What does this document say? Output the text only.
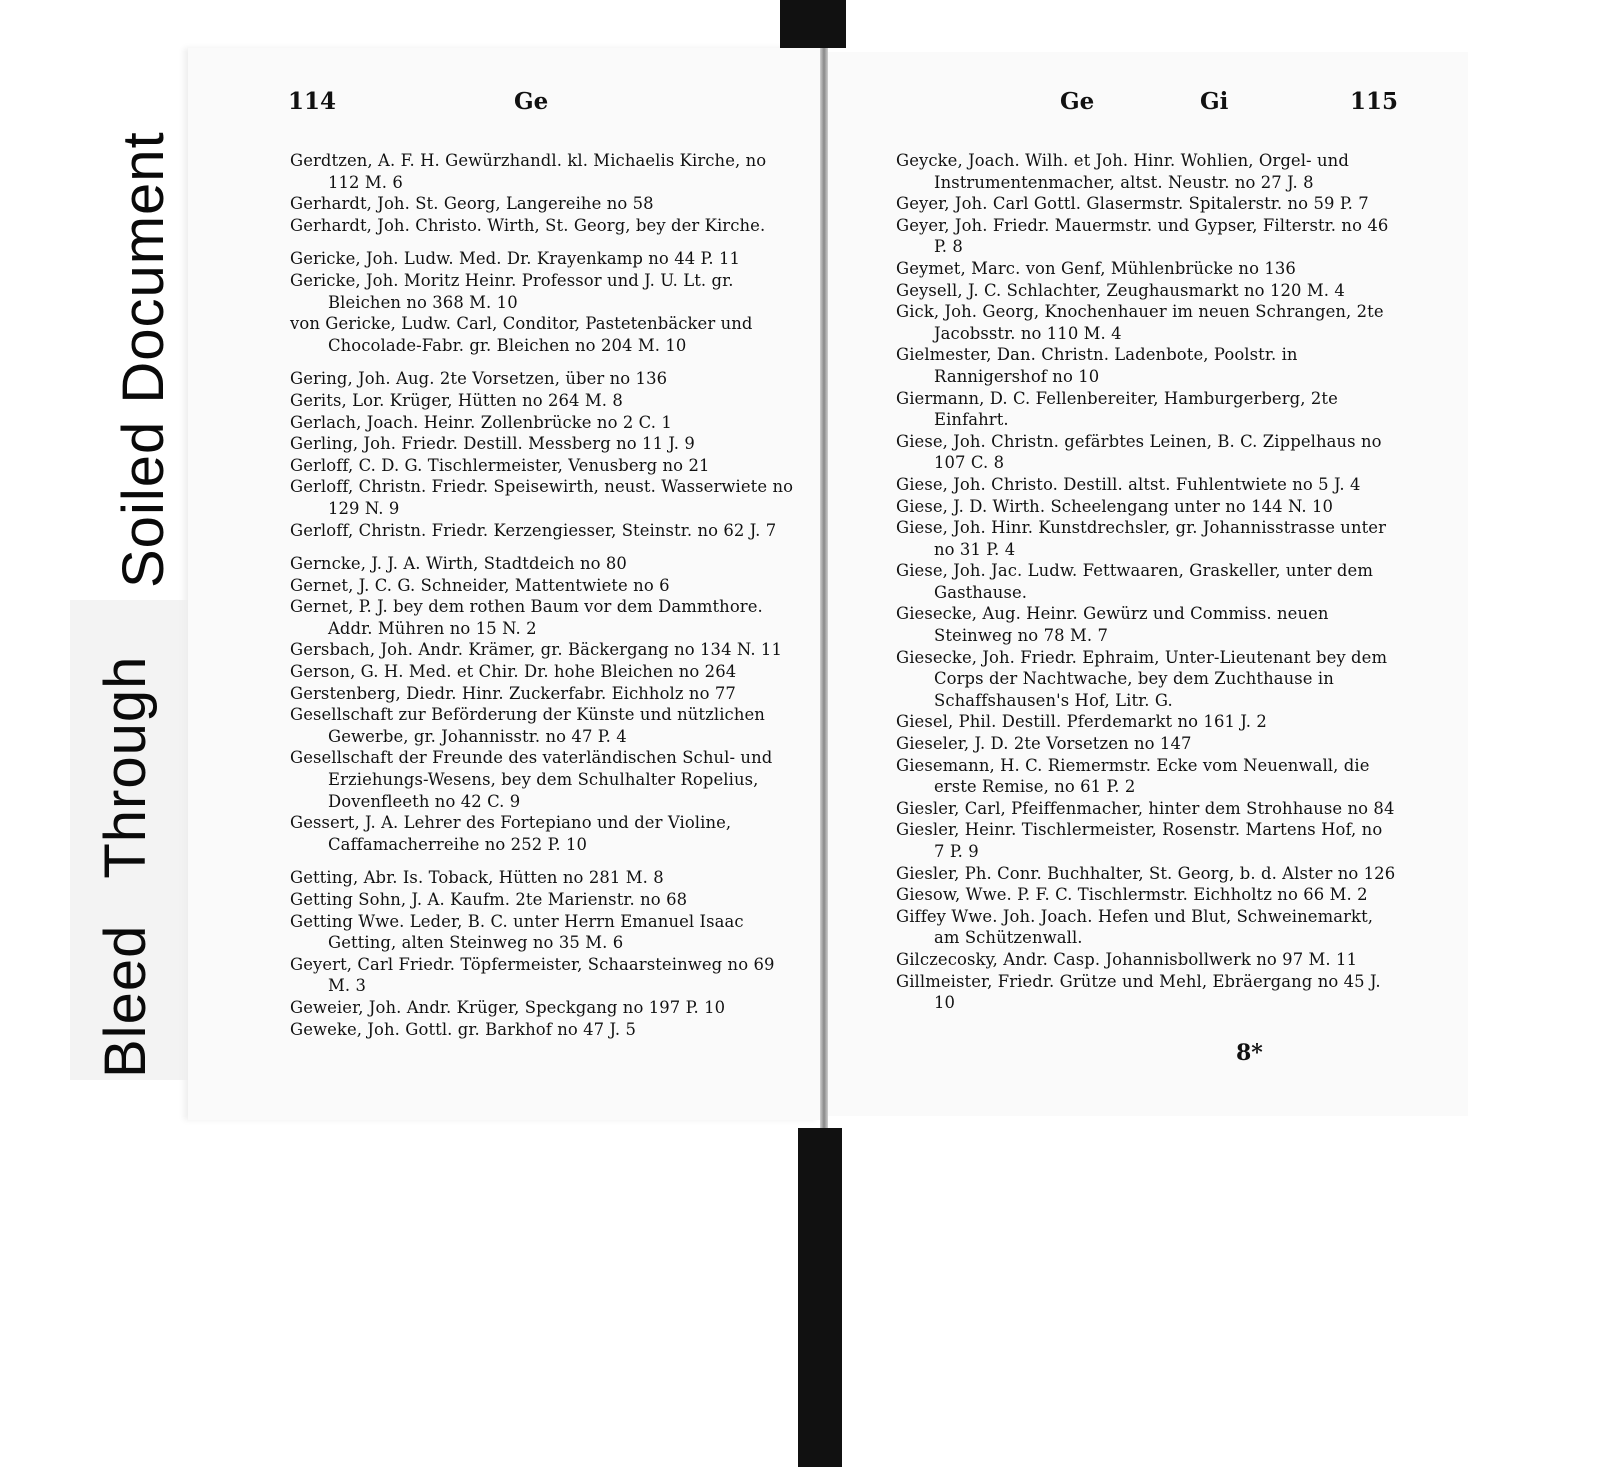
BleedThrough
Soiled Document
114	Ge	Ge	Gi	115
Gerdtzen, A. F. H. Gewürzhandl. kl. Michaelis Kirche, no 112 M. 6
Gerhardt, Joh. St. Georg, Langereihe no 58
Gerhardt, Joh. Christo. Wirth, St. Georg, bey der Kirche.
Gericke, Joh. Ludw. Med. Dr. Krayenkamp no 44 P. 11
Gericke, Joh. Moritz Heinr. Professor und J. U. Lt. gr. Bleichen no 368 M. 10
von Gericke, Ludw. Carl, Conditor, Pastetenbäcker und Chocolade-Fabr. gr. Bleichen no 204 M. 10
Gering, Joh. Aug. 2te Vorsetzen, über no 136
Gerits, Lor. Krüger, Hütten no 264 M. 8
Gerlach, Joach. Heinr. Zollenbrücke no 2 C. 1
Gerling, Joh. Friedr. Destill. Messberg no 11 J. 9
Gerloff, C. D. G. Tischlermeister, Venusberg no 21
Gerloff, Christn. Friedr. Speisewirth, neust. Wasserwiete no 129 N. 9
Gerloff, Christn. Friedr. Kerzengiesser, Steinstr. no 62 J. 7
Gerncke, J. J. A. Wirth, Stadtdeich no 80
Gernet, J. C. G. Schneider, Mattentwiete no 6
Gernet, P. J. bey dem rothen Baum vor dem Dammthore. Addr. Mühren no 15 N. 2
Gersbach, Joh. Andr. Krämer, gr. Bäckergang no 134 N. 11
Gerson, G. H. Med. et Chir. Dr. hohe Bleichen no 264
Gerstenberg, Diedr. Hinr. Zuckerfabr. Eichholz no 77
Gesellschaft zur Beförderung der Künste und nützlichen Gewerbe, gr. Johannisstr. no 47 P. 4
Gesellschaft der Freunde des vaterländischen Schul- und Erziehungs-Wesens, bey dem Schulhalter Ropelius, Dovenfleeth no 42 C. 9
Gessert, J. A. Lehrer des Fortepiano und der Violine, Caffamacherreihe no 252 P. 10
Getting, Abr. Is. Toback, Hütten no 281 M. 8
Getting Sohn, J. A. Kaufm. 2te Marienstr. no 68
Getting Wwe. Leder, B. C. unter Herrn Emanuel Isaac Getting, alten Steinweg no 35 M. 6
Geyert, Carl Friedr. Töpfermeister, Schaarsteinweg no 69 M. 3
Geweier, Joh. Andr. Krüger, Speckgang no 197 P. 10
Geweke, Joh. Gottl. gr. Barkhof no 47 J. 5
Geycke, Joach. Wilh. et Joh. Hinr. Wohlien, Orgel- und Instrumentenmacher, altst. Neustr. no 27 J. 8
Geyer, Joh. Carl Gottl. Glasermstr. Spitalerstr. no 59 P. 7
Geyer, Joh. Friedr. Mauermstr. und Gypser, Filterstr. no 46 P. 8
Geymet, Marc. von Genf, Mühlenbrücke no 136
Geysell, J. C. Schlachter, Zeughausmarkt no 120 M. 4
Gick, Joh. Georg, Knochenhauer im neuen Schrangen, 2te Jacobsstr. no 110 M. 4
Gielmester, Dan. Christn. Ladenbote, Poolstr. in Rannigershof no 10
Giermann, D. C. Fellenbereiter, Hamburgerberg, 2te Einfahrt.
Giese, Joh. Christn. gefärbtes Leinen, B. C. Zippelhaus no 107 C. 8
Giese, Joh. Christo. Destill. altst. Fuhlentwiete no 5 J. 4
Giese, J. D. Wirth. Scheelengang unter no 144 N. 10
Giese, Joh. Hinr. Kunstdrechsler, gr. Johannisstrasse unter no 31 P. 4
Giese, Joh. Jac. Ludw. Fettwaaren, Graskeller, unter dem Gasthause.
Giesecke, Aug. Heinr. Gewürz und Commiss. neuen Steinweg no 78 M. 7
Giesecke, Joh. Friedr. Ephraim, Unter-Lieutenant bey dem Corps der Nachtwache, bey dem Zuchthause in Schaffshausen's Hof, Litr. G.
Giesel, Phil. Destill. Pferdemarkt no 161 J. 2
Gieseler, J. D. 2te Vorsetzen no 147
Giesemann, H. C. Riemermstr. Ecke vom Neuenwall, die erste Remise, no 61 P. 2
Giesler, Carl, Pfeiffenmacher, hinter dem Strohhause no 84
Giesler, Heinr. Tischlermeister, Rosenstr. Martens Hof, no 7 P. 9
Giesler, Ph. Conr. Buchhalter, St. Georg, b. d. Alster no 126
Giesow, Wwe. P. F. C. Tischlermstr. Eichholtz no 66 M. 2
Giffey Wwe. Joh. Joach. Hefen und Blut, Schweinemarkt, am Schützenwall.
Gilczecosky, Andr. Casp. Johannisbollwerk no 97 M. 11
Gillmeister, Friedr. Grütze und Mehl, Ebräergang no 45 J. 10
8*
